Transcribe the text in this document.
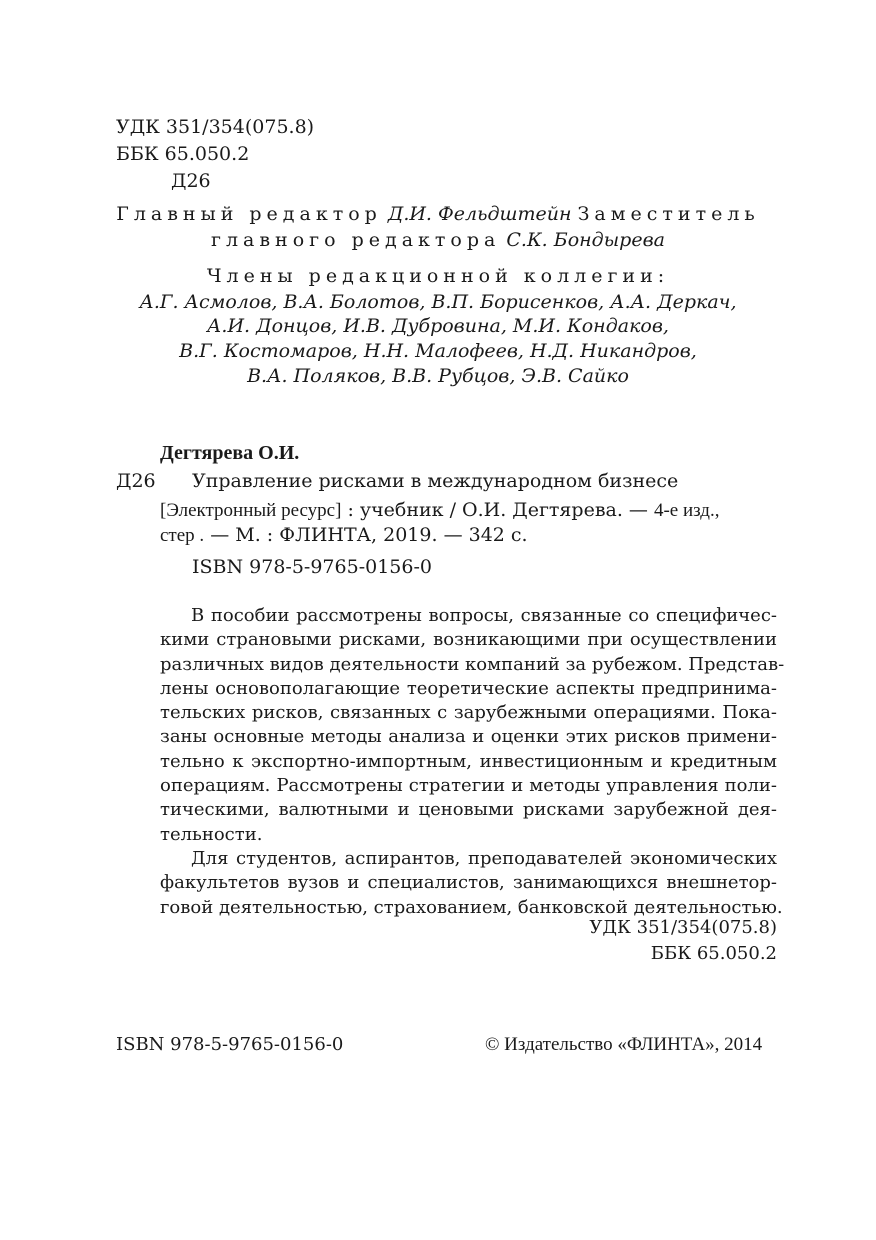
УДК 351/354(075.8)
ББК 65.050.2
Д26
Главный редактор Д.И. Фельдштейн Заместитель
главного редактора С.К. Бондырева
Члены редакционной коллегии:
А.Г. Асмолов, В.А. Болотов, В.П. Борисенков, А.А. Деркач,
А.И. Донцов, И.В. Дубровина, М.И. Кондаков,
В.Г. Костомаров, Н.Н. Малофеев, Н.Д. Никандров,
В.А. Поляков, В.В. Рубцов, Э.В. Сайко
Дегтярева О.И.
Д26 Управление рисками в международном бизнесе
[Электронный ресурс] : учебник / О.И. Дегтярева. — 4-е изд.,
стер . — М. : ФЛИНТА, 2019. — 342 с.
ISBN 978-5-9765-0156-0
В пособии рассмотрены вопросы, связанные со специфичес-
кими страновыми рисками, возникающими при осуществлении
различных видов деятельности компаний за рубежом. Представ-
лены основополагающие теоретические аспекты предпринима-
тельских рисков, связанных с зарубежными операциями. Пока-
заны основные методы анализа и оценки этих рисков примени-
тельно к экспортно-импортным, инвестиционным и кредитным
операциям. Рассмотрены стратегии и методы управления поли-
тическими, валютными и ценовыми рисками зарубежной дея-
тельности.
Для студентов, аспирантов, преподавателей экономических
факультетов вузов и специалистов, занимающихся внешнетор-
говой деятельностью, страхованием, банковской деятельностью.
УДК 351/354(075.8)
ББК 65.050.2
ISBN 978-5-9765-0156-0	© Издательство «ФЛИНТА», 2014
